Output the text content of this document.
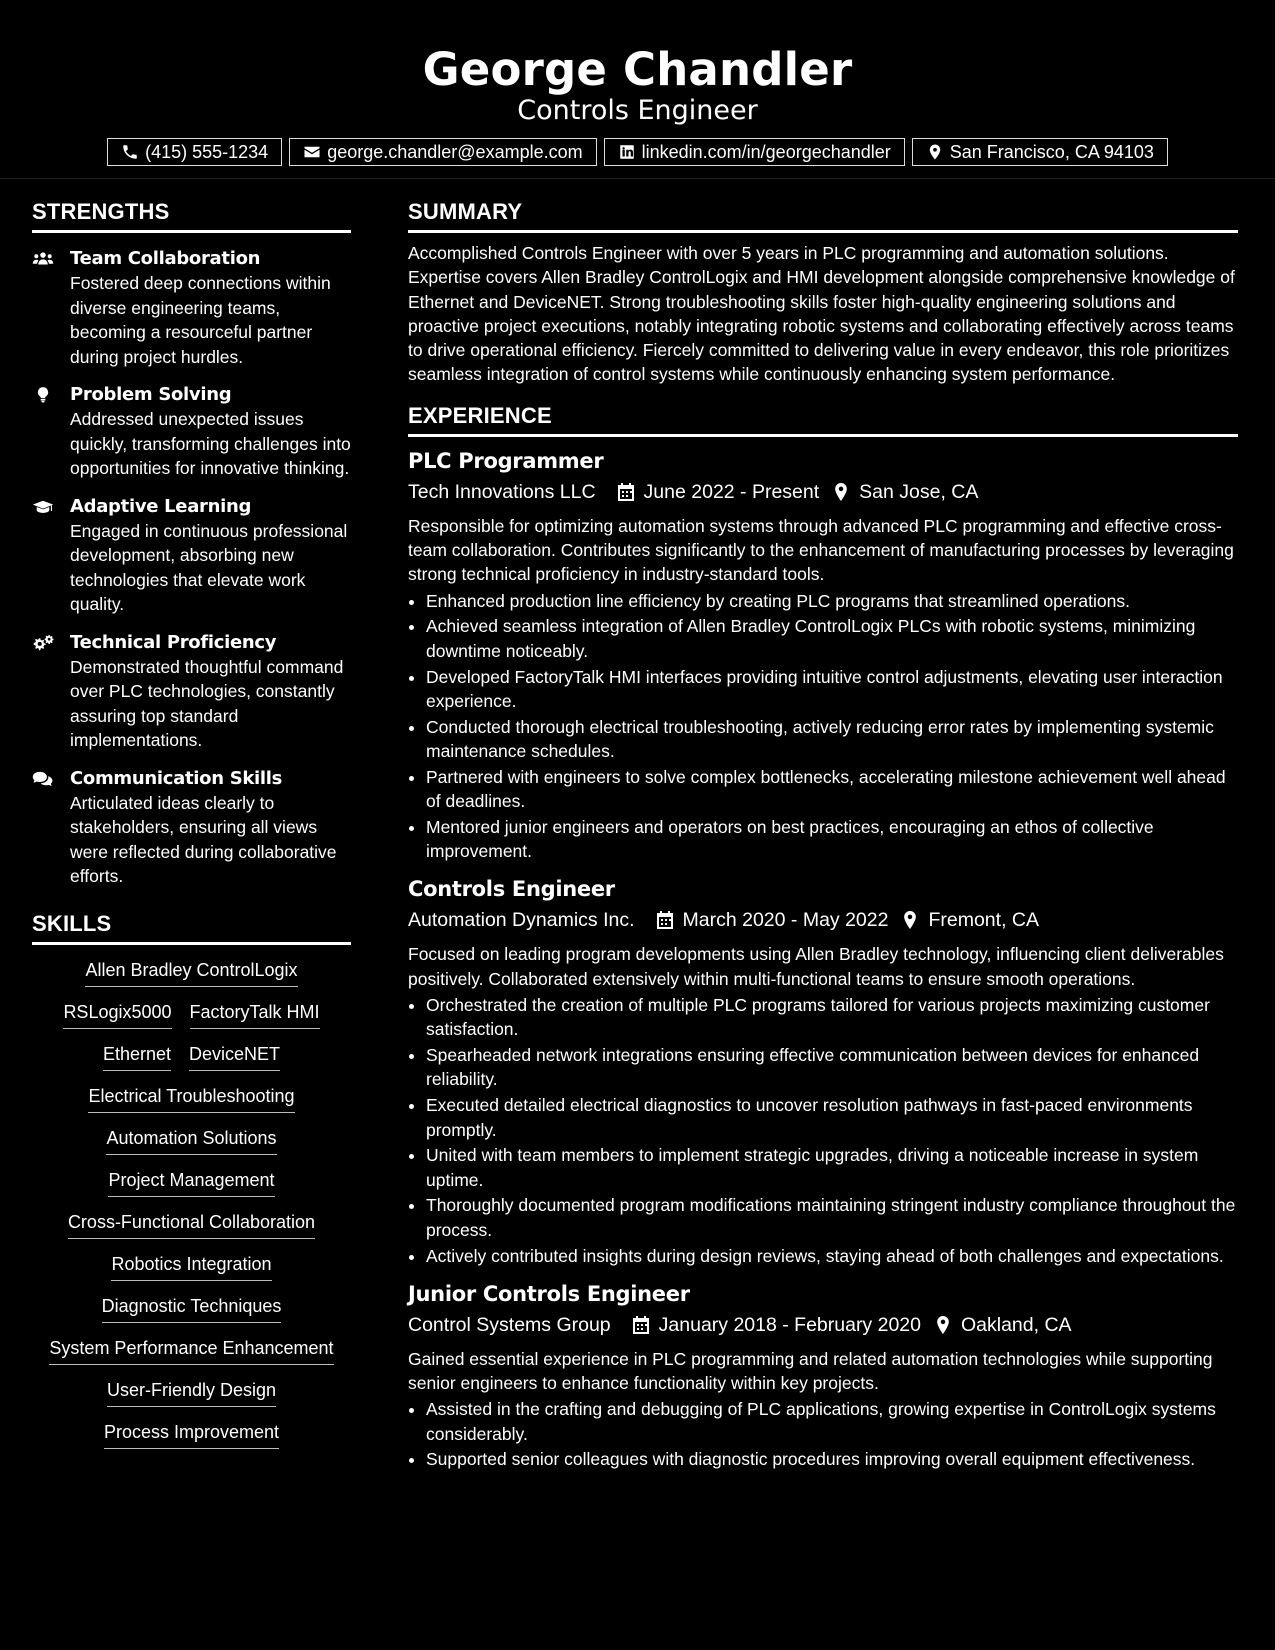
George Chandler
Controls Engineer
(415) 555-1234	george.chandler@example.com	linkedin.com/in/georgechandler	San Francisco, CA 94103
STRENGTHS
Team Collaboration
Fostered deep connections within diverse engineering teams, becoming a resourceful partner during project hurdles.
Problem Solving
Addressed unexpected issues quickly, transforming challenges into opportunities for innovative thinking.
Adaptive Learning
Engaged in continuous professional development, absorbing new technologies that elevate work quality.
Technical Proficiency
Demonstrated thoughtful command over PLC technologies, constantly assuring top standard implementations.
Communication Skills
Articulated ideas clearly to stakeholders, ensuring all views were reflected during collaborative efforts.
SKILLS
Allen Bradley ControlLogix
RSLogix5000 FactoryTalk HMI
Ethernet DeviceNET
Electrical Troubleshooting
Automation Solutions
Project Management
Cross-Functional Collaboration
Robotics Integration
Diagnostic Techniques
System Performance Enhancement
User-Friendly Design
Process Improvement
SUMMARY
Accomplished Controls Engineer with over 5 years in PLC programming and automation solutions. Expertise covers Allen Bradley ControlLogix and HMI development alongside comprehensive knowledge of Ethernet and DeviceNET. Strong troubleshooting skills foster high-quality engineering solutions and proactive project executions, notably integrating robotic systems and collaborating effectively across teams to drive operational efficiency. Fiercely committed to delivering value in every endeavor, this role prioritizes seamless integration of control systems while continuously enhancing system performance.
EXPERIENCE
PLC Programmer
Tech Innovations LLC June 2022 - Present San Jose, CA
Responsible for optimizing automation systems through advanced PLC programming and effective cross-team collaboration. Contributes significantly to the enhancement of manufacturing processes by leveraging strong technical proficiency in industry-standard tools.
• Enhanced production line efficiency by creating PLC programs that streamlined operations.
• Achieved seamless integration of Allen Bradley ControlLogix PLCs with robotic systems, minimizing downtime noticeably.
• Developed FactoryTalk HMI interfaces providing intuitive control adjustments, elevating user interaction experience.
• Conducted thorough electrical troubleshooting, actively reducing error rates by implementing systemic maintenance schedules.
• Partnered with engineers to solve complex bottlenecks, accelerating milestone achievement well ahead of deadlines.
• Mentored junior engineers and operators on best practices, encouraging an ethos of collective improvement.
Controls Engineer
Automation Dynamics Inc. March 2020 - May 2022 Fremont, CA
Focused on leading program developments using Allen Bradley technology, influencing client deliverables positively. Collaborated extensively within multi-functional teams to ensure smooth operations.
• Orchestrated the creation of multiple PLC programs tailored for various projects maximizing customer satisfaction.
• Spearheaded network integrations ensuring effective communication between devices for enhanced reliability.
• Executed detailed electrical diagnostics to uncover resolution pathways in fast-paced environments promptly.
• United with team members to implement strategic upgrades, driving a noticeable increase in system uptime.
• Thoroughly documented program modifications maintaining stringent industry compliance throughout the process.
• Actively contributed insights during design reviews, staying ahead of both challenges and expectations.
Junior Controls Engineer
Control Systems Group January 2018 - February 2020 Oakland, CA
Gained essential experience in PLC programming and related automation technologies while supporting senior engineers to enhance functionality within key projects.
• Assisted in the crafting and debugging of PLC applications, growing expertise in ControlLogix systems considerably.
• Supported senior colleagues with diagnostic procedures improving overall equipment effectiveness.
